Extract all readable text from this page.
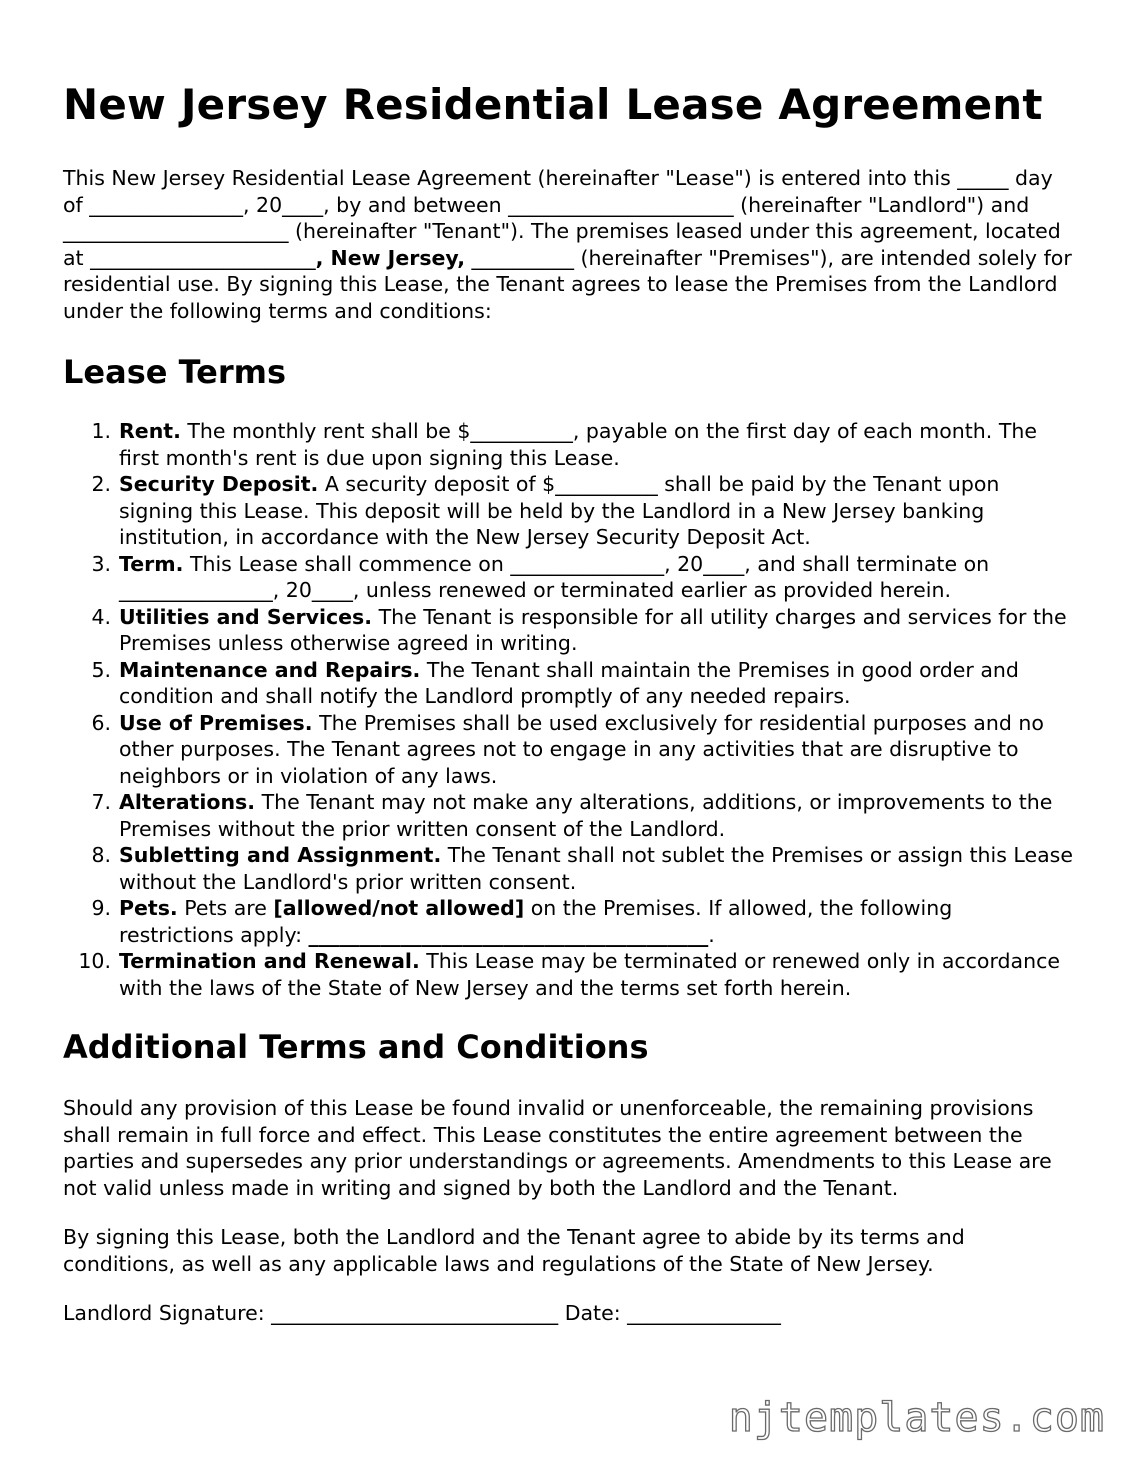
New Jersey Residential Lease Agreement

This New Jersey Residential Lease Agreement (hereinafter "Lease") is entered into this _____ day of _______________, 20____, by and between ______________________ (hereinafter "Landlord") and ______________________ (hereinafter "Tenant"). The premises leased under this agreement, located at ______________________, New Jersey, __________ (hereinafter "Premises"), are intended solely for residential use. By signing this Lease, the Tenant agrees to lease the Premises from the Landlord under the following terms and conditions:

Lease Terms
1. Rent. The monthly rent shall be $__________, payable on the first day of each month. The first month's rent is due upon signing this Lease.
2. Security Deposit. A security deposit of $__________ shall be paid by the Tenant upon signing this Lease. This deposit will be held by the Landlord in a New Jersey banking institution, in accordance with the New Jersey Security Deposit Act.
3. Term. This Lease shall commence on _______________, 20____, and shall terminate on _______________, 20____, unless renewed or terminated earlier as provided herein.
4. Utilities and Services. The Tenant is responsible for all utility charges and services for the Premises unless otherwise agreed in writing.
5. Maintenance and Repairs. The Tenant shall maintain the Premises in good order and condition and shall notify the Landlord promptly of any needed repairs.
6. Use of Premises. The Premises shall be used exclusively for residential purposes and no other purposes. The Tenant agrees not to engage in any activities that are disruptive to neighbors or in violation of any laws.
7. Alterations. The Tenant may not make any alterations, additions, or improvements to the Premises without the prior written consent of the Landlord.
8. Subletting and Assignment. The Tenant shall not sublet the Premises or assign this Lease without the Landlord's prior written consent.
9. Pets. Pets are [allowed/not allowed] on the Premises. If allowed, the following restrictions apply: _______________________________________.
10. Termination and Renewal. This Lease may be terminated or renewed only in accordance with the laws of the State of New Jersey and the terms set forth herein.
Additional Terms and Conditions

Should any provision of this Lease be found invalid or unenforceable, the remaining provisions shall remain in full force and effect. This Lease constitutes the entire agreement between the parties and supersedes any prior understandings or agreements. Amendments to this Lease are not valid unless made in writing and signed by both the Landlord and the Tenant.

By signing this Lease, both the Landlord and the Tenant agree to abide by its terms and conditions, as well as any applicable laws and regulations of the State of New Jersey.

Landlord Signature: ____________________________ Date: _______________
njtemplates.com
